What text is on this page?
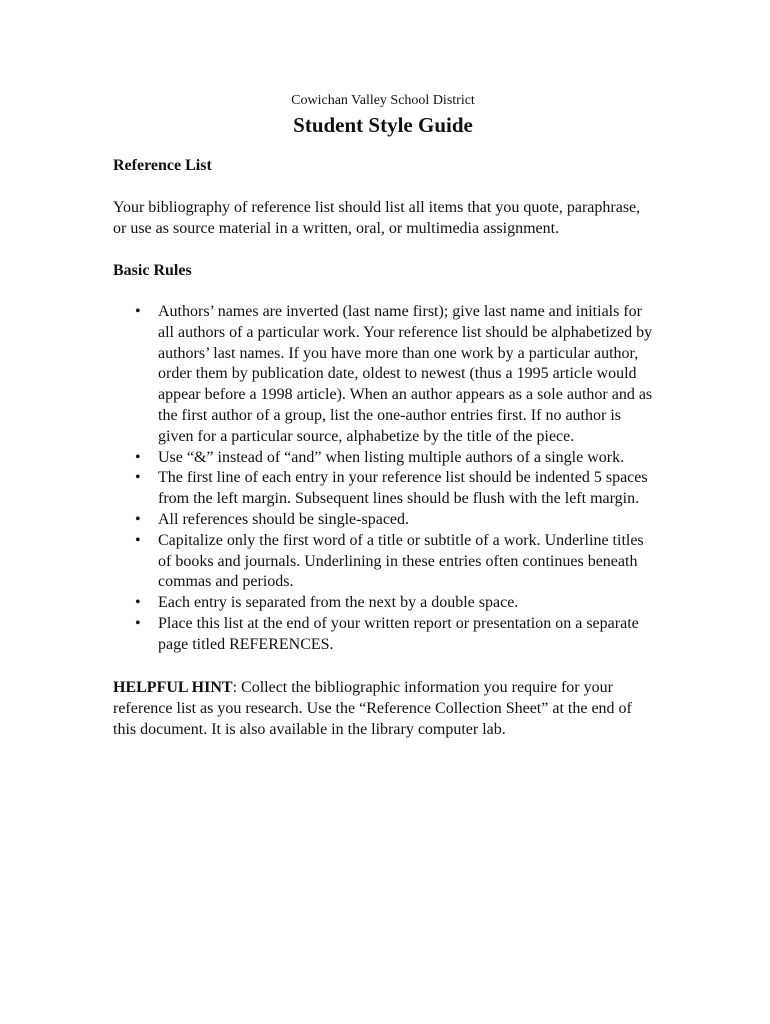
Cowichan Valley School District

Student Style Guide
Reference List

Your bibliography of reference list should list all items that you quote, paraphrase, or use as source material in a written, oral, or multimedia assignment.

Basic Rules
• Authors’ names are inverted (last name first); give last name and initials for all authors of a particular work. Your reference list should be alphabetized by authors’ last names. If you have more than one work by a particular author, order them by publication date, oldest to newest (thus a 1995 article would appear before a 1998 article). When an author appears as a sole author and as the first author of a group, list the one-author entries first. If no author is given for a particular source, alphabetize by the title of the piece.
• Use “&” instead of “and” when listing multiple authors of a single work.
• The first line of each entry in your reference list should be indented 5 spaces from the left margin. Subsequent lines should be flush with the left margin.
• All references should be single-spaced.
• Capitalize only the first word of a title or subtitle of a work. Underline titles of books and journals. Underlining in these entries often continues beneath commas and periods.
• Each entry is separated from the next by a double space.
• Place this list at the end of your written report or presentation on a separate page titled REFERENCES.

HELPFUL HINT: Collect the bibliographic information you require for your reference list as you research. Use the “Reference Collection Sheet” at the end of this document. It is also available in the library computer lab.
